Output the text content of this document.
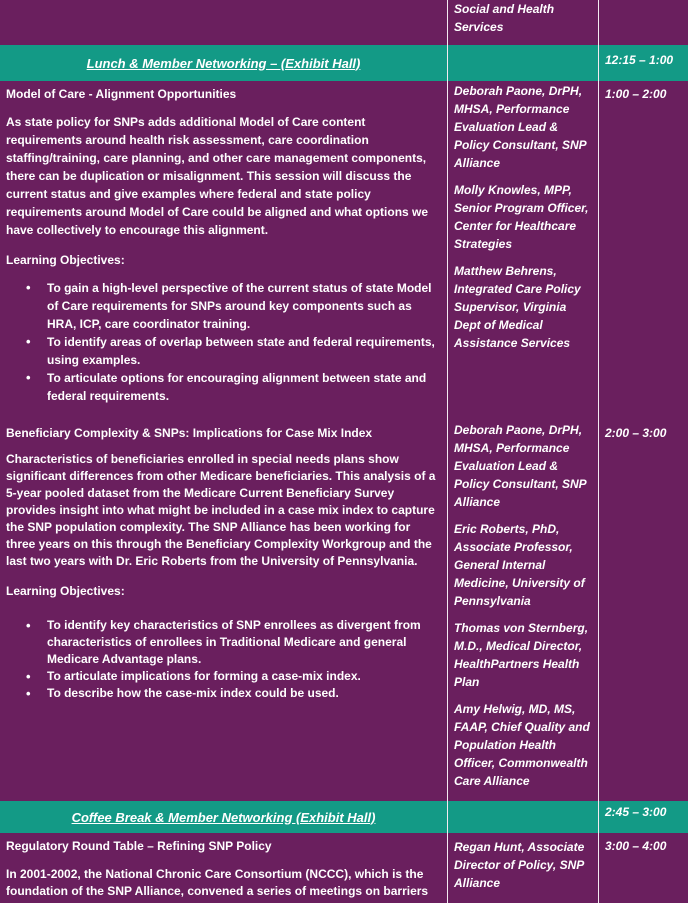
Social and Health Services

Lunch & Member Networking – (Exhibit Hall)	12:15 – 1:00
Model of Care - Alignment Opportunities

As state policy for SNPs adds additional Model of Care content requirements around health risk assessment, care coordination staffing/training, care planning, and other care management components, there can be duplication or misalignment. This session will discuss the current status and give examples where federal and state policy requirements around Model of Care could be aligned and what options we have collectively to encourage this alignment.

Learning Objectives:

• To gain a high-level perspective of the current status of state Model of Care requirements for SNPs around key components such as HRA, ICP, care coordinator training.
• To identify areas of overlap between state and federal requirements, using examples.
• To articulate options for encouraging alignment between state and federal requirements.

Deborah Paone, DrPH, MHSA, Performance Evaluation Lead & Policy Consultant, SNP Alliance

Molly Knowles, MPP, Senior Program Officer, Center for Healthcare Strategies

Matthew Behrens, Integrated Care Policy Supervisor, Virginia Dept of Medical Assistance Services

1:00 – 2:00
Beneficiary Complexity & SNPs: Implications for Case Mix Index

Characteristics of beneficiaries enrolled in special needs plans show significant differences from other Medicare beneficiaries. This analysis of a 5-year pooled dataset from the Medicare Current Beneficiary Survey provides insight into what might be included in a case mix index to capture the SNP population complexity. The SNP Alliance has been working for three years on this through the Beneficiary Complexity Workgroup and the last two years with Dr. Eric Roberts from the University of Pennsylvania.

Learning Objectives:

• To identify key characteristics of SNP enrollees as divergent from characteristics of enrollees in Traditional Medicare and general Medicare Advantage plans.
• To articulate implications for forming a case-mix index.
• To describe how the case-mix index could be used.

Deborah Paone, DrPH, MHSA, Performance Evaluation Lead & Policy Consultant, SNP Alliance

Eric Roberts, PhD, Associate Professor, General Internal Medicine, University of Pennsylvania

Thomas von Sternberg, M.D., Medical Director, HealthPartners Health Plan

Amy Helwig, MD, MS, FAAP, Chief Quality and Population Health Officer, Commonwealth Care Alliance

2:00 – 3:00
Coffee Break & Member Networking (Exhibit Hall)	2:45 – 3:00
Regulatory Round Table – Refining SNP Policy

In 2001-2002, the National Chronic Care Consortium (NCCC), which is the foundation of the SNP Alliance, convened a series of meetings on barriers to

Regan Hunt, Associate Director of Policy, SNP Alliance

3:00 – 4:00
